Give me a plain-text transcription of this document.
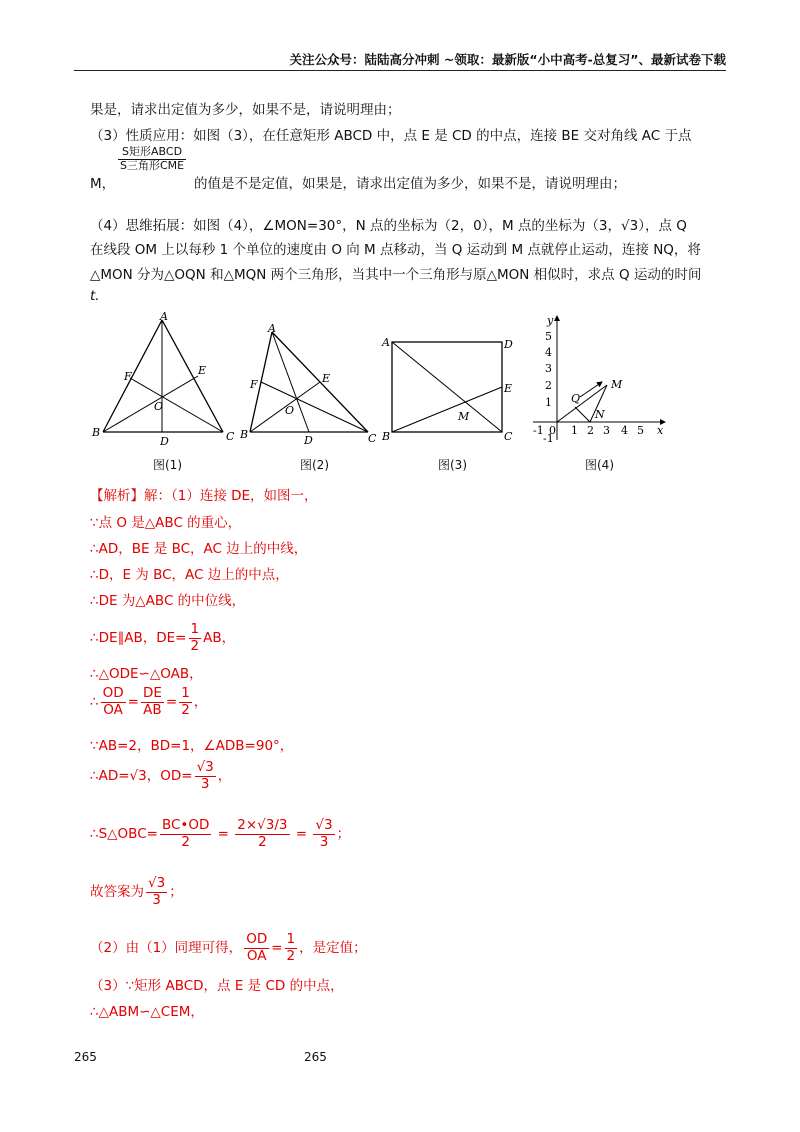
关注公众号：陆陆高分冲刺 ~领取：最新版“小中高考-总复习”、最新试卷下载
果是，请求出定值为多少，如果不是，请说明理由；
（3）性质应用：如图（3），在任意矩形 ABCD 中，点 E 是 CD 的中点，连接 BE 交对角线 AC 于点
M，
S矩形ABCD
S三角形CME
的值是不是定值，如果是，请求出定值为多少，如果不是，请说明理由；
（4）思维拓展：如图（4），∠MON=30°，N 点的坐标为（2，0），M 点的坐标为（3，√3），点 Q
在线段 OM 上以每秒 1 个单位的速度由 O 向 M 点移动，当 Q 运动到 M 点就停止运动，连接 NQ，将
△MON 分为△OQN 和△MQN 两个三角形，当其中一个三角形与原△MON 相似时，求点 Q 运动的时间
t.
A
B	C
D
E
F
O
图(1)
A
B	C
D
E
F
O
图(2)
A
B	C
D
E
M
图(3)
y
5
4
3
2
1
-1
-1 0 1 2 3 4 5 x
Q
M
N
图(4)
【解析】解：（1）连接 DE，如图一，
∵点 O 是△ABC 的重心，
∴AD，BE 是 BC，AC 边上的中线，
∴D，E 为 BC，AC 边上的中点，
∴DE 为△ABC 的中位线，
∴DE∥AB，$DE= \frac{1}{2}$ AB，
∴△ODE∽△OAB，
∴ $\frac{OD}{OA} = \frac{DE}{AB} = \frac{1}{2}$ ，
∵AB=2，BD=1，∠ADB=90°，
∴AD=√3，$OD= \frac{√3}{3}$ ，
∴S△OBC= $\frac{BC•OD}{2} = \frac{2\times√3/3}{2} = \frac{√3}{3}$ ；
故答案为 $\frac{√3}{3}$ ；
（2）由（1）同理可得， $\frac{OD}{OA} = \frac{1}{2}$ ，是定值；
（3）∵矩形 ABCD，点 E 是 CD 的中点，
∴△ABM∽△CEM，
265	265
